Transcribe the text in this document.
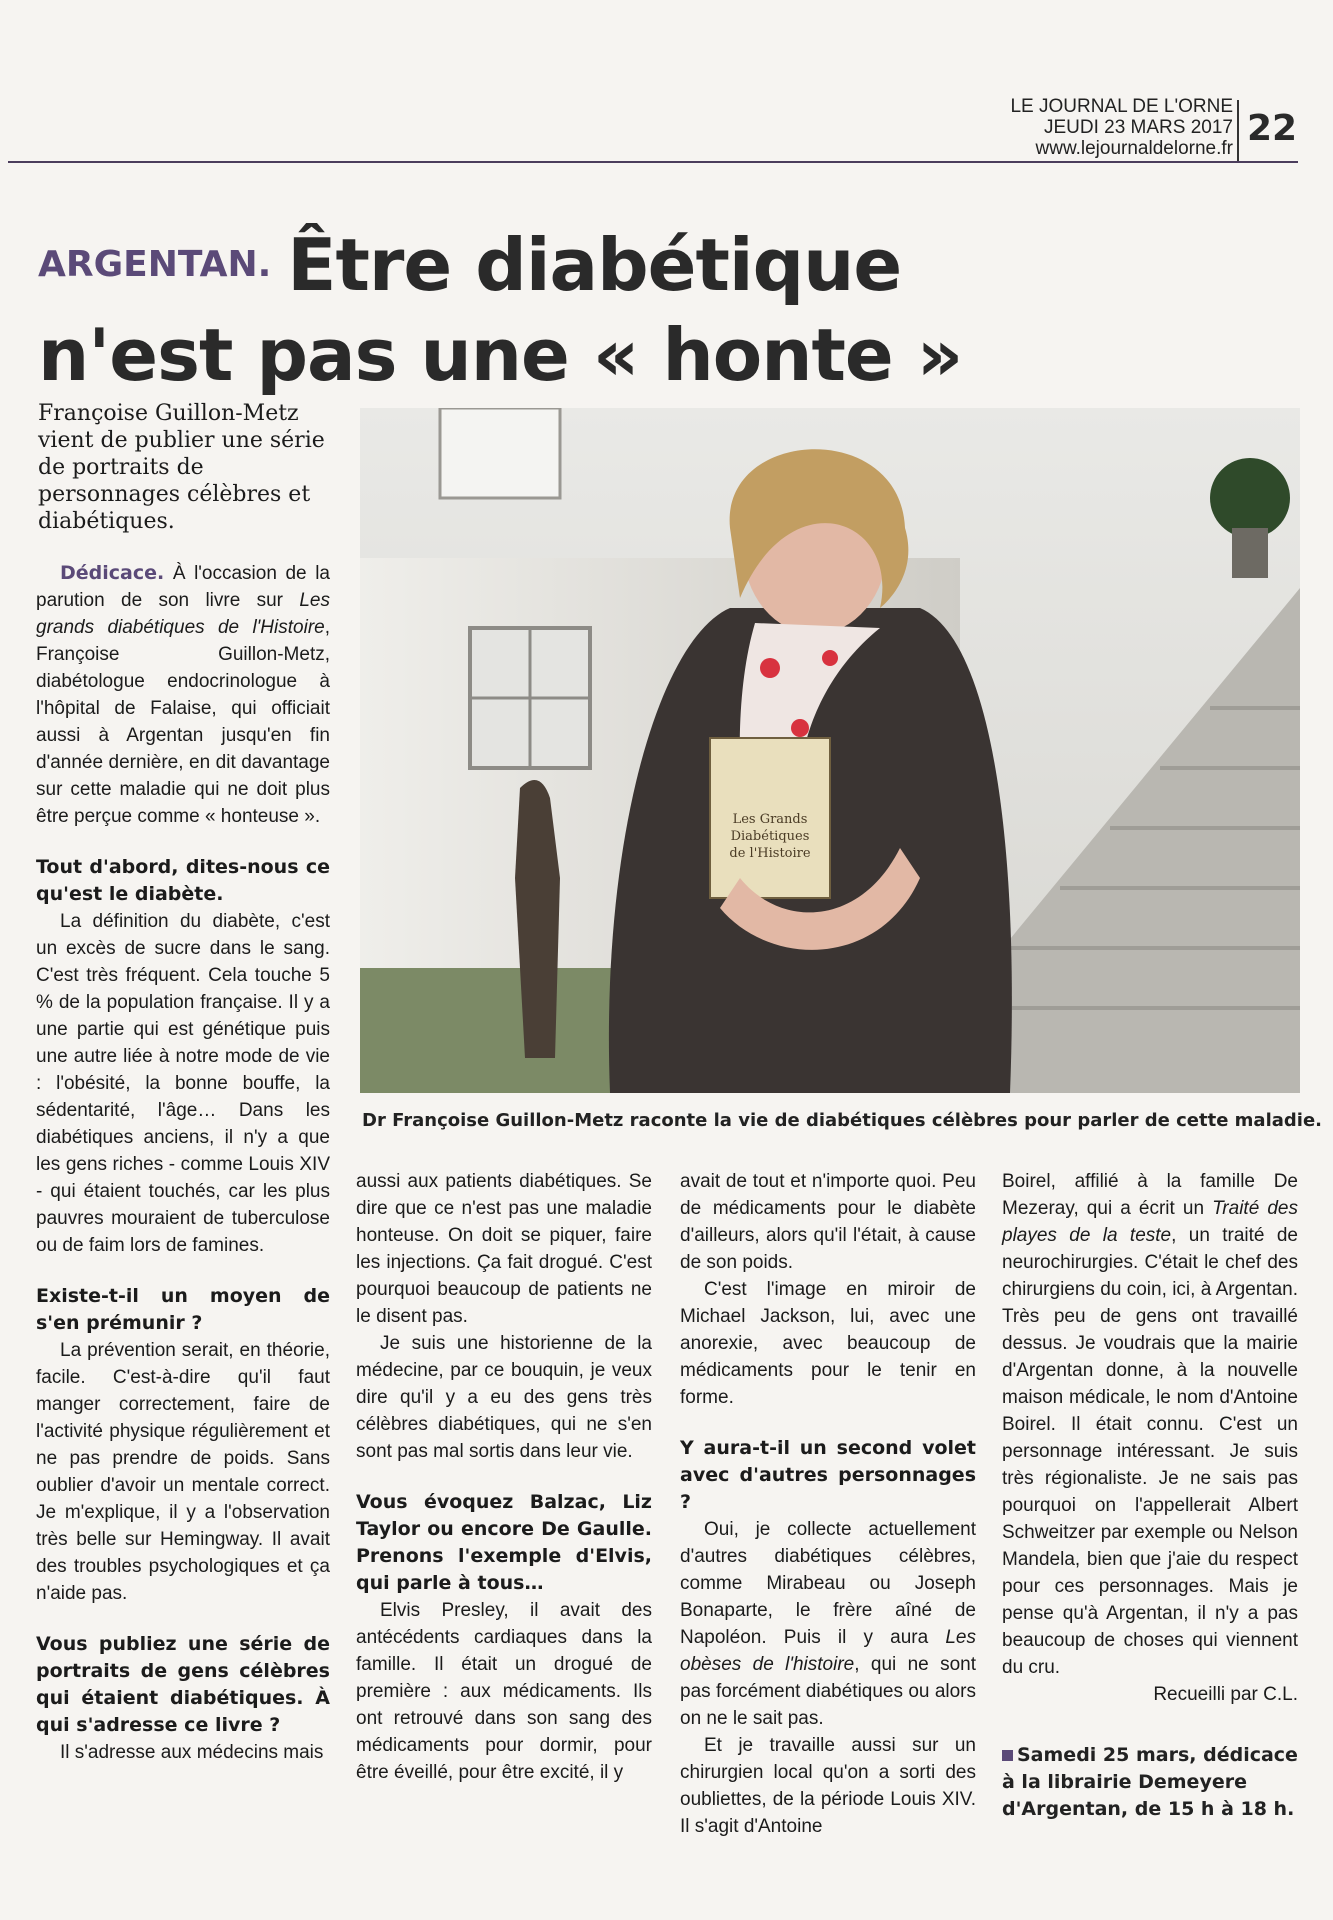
LE JOURNAL DE L'ORNE
JEUDI 23 MARS 2017
www.lejournaldelorne.fr 22
ARGENTAN. Être diabétique
n'est pas une « honte »
Françoise Guillon-Metz vient de publier une série de portraits de personnages célèbres et diabétiques.

Dédicace. À l'occasion de la parution de son livre sur Les grands diabétiques de l'Histoire, Françoise Guillon-Metz, diabétologue endocrinologue à l'hôpital de Falaise, qui officiait aussi à Argentan jusqu'en fin d'année dernière, en dit davantage sur cette maladie qui ne doit plus être perçue comme « honteuse ».

Tout d'abord, dites-nous ce qu'est le diabète.

La définition du diabète, c'est un excès de sucre dans le sang. C'est très fréquent. Cela touche 5 % de la population française. Il y a une partie qui est génétique puis une autre liée à notre mode de vie : l'obésité, la bonne bouffe, la sédentarité, l'âge… Dans les diabétiques anciens, il n'y a que les gens riches - comme Louis XIV - qui étaient touchés, car les plus pauvres mouraient de tuberculose ou de faim lors de famines.

Existe-t-il un moyen de s'en prémunir ?

La prévention serait, en théorie, facile. C'est-à-dire qu'il faut manger correctement, faire de l'activité physique régulièrement et ne pas prendre de poids. Sans oublier d'avoir un mentale correct. Je m'explique, il y a l'observation très belle sur Hemingway. Il avait des troubles psychologiques et ça n'aide pas.

Vous publiez une série de portraits de gens célèbres qui étaient diabétiques. À qui s'adresse ce livre ?

Il s'adresse aux médecins mais

Les Grands
Diabétiques
de l'Histoire
Dr Françoise Guillon-Metz raconte la vie de diabétiques célèbres pour parler de cette maladie.

aussi aux patients diabétiques. Se dire que ce n'est pas une maladie honteuse. On doit se piquer, faire les injections. Ça fait drogué. C'est pourquoi beaucoup de patients ne le disent pas.

Je suis une historienne de la médecine, par ce bouquin, je veux dire qu'il y a eu des gens très célèbres diabétiques, qui ne s'en sont pas mal sortis dans leur vie.

Vous évoquez Balzac, Liz Taylor ou encore De Gaulle. Prenons l'exemple d'Elvis, qui parle à tous…

Elvis Presley, il avait des antécédents cardiaques dans la famille. Il était un drogué de première : aux médicaments. Ils ont retrouvé dans son sang des médicaments pour dormir, pour être éveillé, pour être excité, il y

avait de tout et n'importe quoi. Peu de médicaments pour le diabète d'ailleurs, alors qu'il l'était, à cause de son poids.

C'est l'image en miroir de Michael Jackson, lui, avec une anorexie, avec beaucoup de médicaments pour le tenir en forme.

Y aura-t-il un second volet avec d'autres personnages ?

Oui, je collecte actuellement d'autres diabétiques célèbres, comme Mirabeau ou Joseph Bonaparte, le frère aîné de Napoléon. Puis il y aura Les obèses de l'histoire, qui ne sont pas forcément diabétiques ou alors on ne le sait pas.

Et je travaille aussi sur un chirurgien local qu'on a sorti des oubliettes, de la période Louis XIV. Il s'agit d'Antoine

Boirel, affilié à la famille De Mezeray, qui a écrit un Traité des playes de la teste, un traité de neurochirurgies. C'était le chef des chirurgiens du coin, ici, à Argentan. Très peu de gens ont travaillé dessus. Je voudrais que la mairie d'Argentan donne, à la nouvelle maison médicale, le nom d'Antoine Boirel. Il était connu. C'est un personnage intéressant. Je suis très régionaliste. Je ne sais pas pourquoi on l'appellerait Albert Schweitzer par exemple ou Nelson Mandela, bien que j'aie du respect pour ces personnages. Mais je pense qu'à Argentan, il n'y a pas beaucoup de choses qui viennent du cru.

Recueilli par C.L.

Samedi 25 mars, dédicace à la librairie Demeyere d'Argentan, de 15 h à 18 h.
